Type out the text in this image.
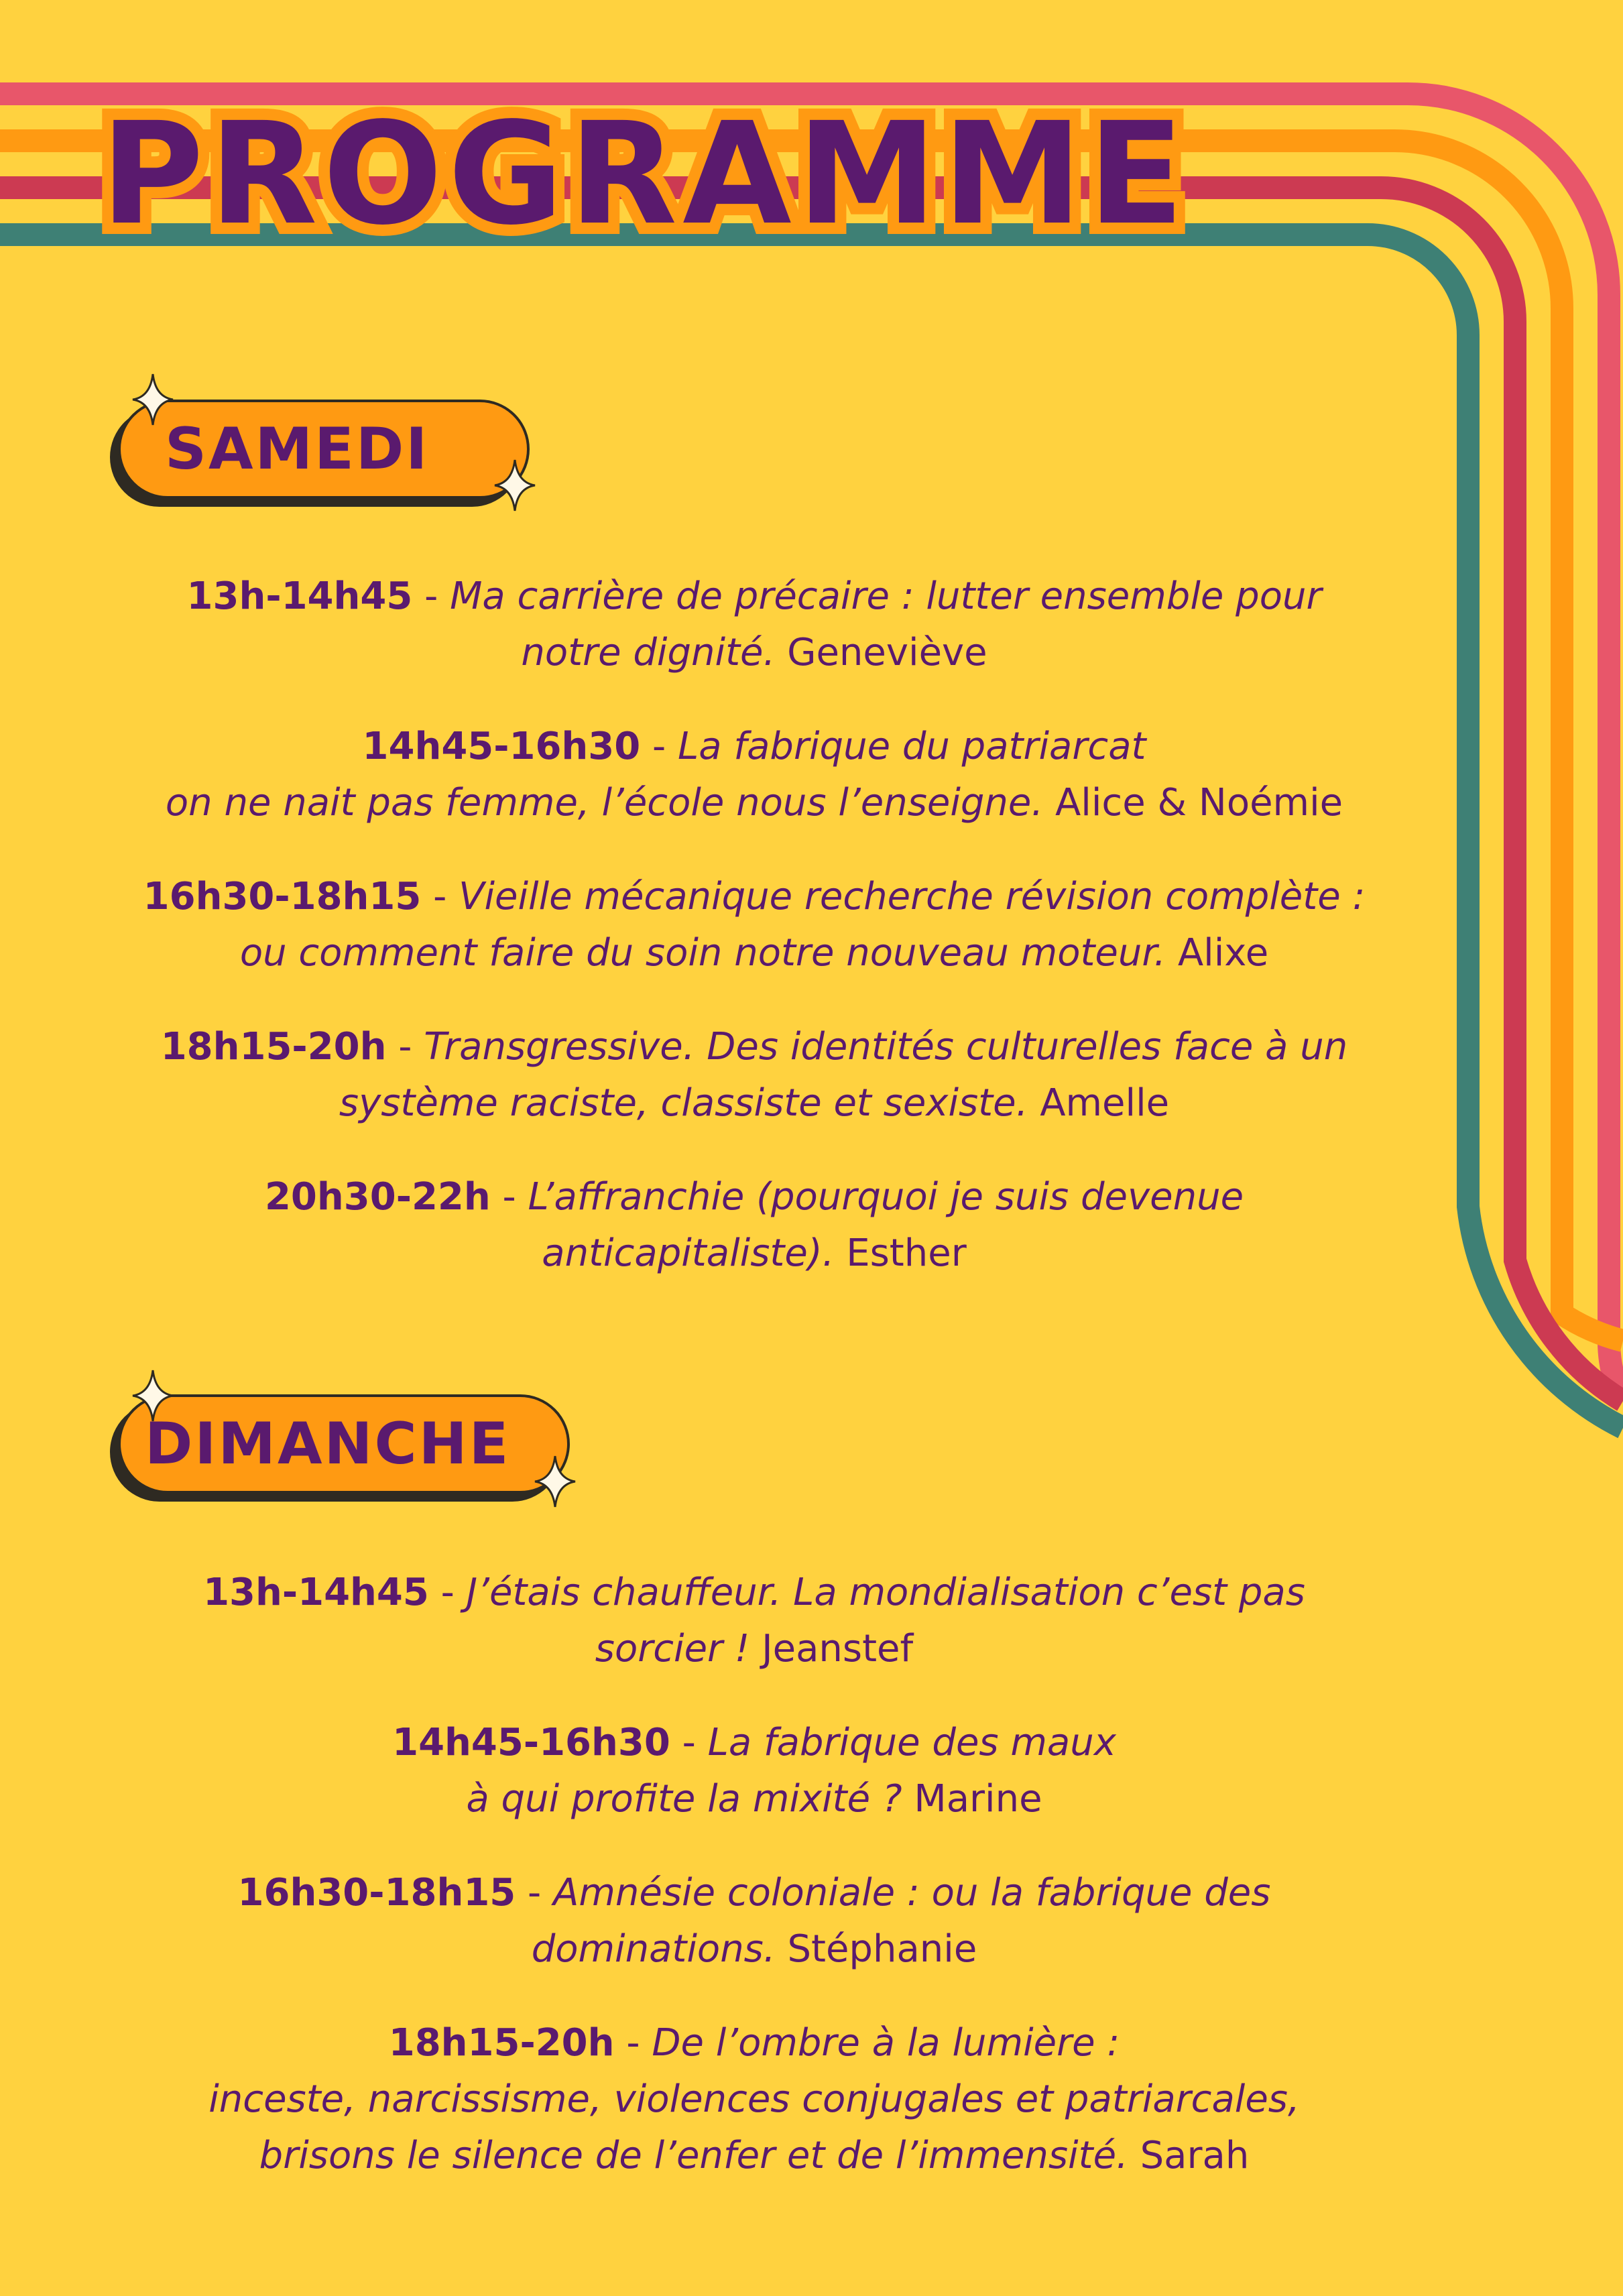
PROGRAMME
SAMEDI
13h-14h45 - Ma carrière de précaire : lutter ensemble pour
notre dignité. Geneviève
14h45-16h30 - La fabrique du patriarcat
on ne nait pas femme, l’école nous l’enseigne. Alice & Noémie
16h30-18h15 - Vieille mécanique recherche révision complète :
ou comment faire du soin notre nouveau moteur. Alixe
18h15-20h - Transgressive. Des identités culturelles face à un
système raciste, classiste et sexiste. Amelle
20h30-22h - L’affranchie (pourquoi je suis devenue
anticapitaliste). Esther
DIMANCHE
13h-14h45 - J’étais chauffeur. La mondialisation c’est pas
sorcier ! Jeanstef
14h45-16h30 - La fabrique des maux
à qui profite la mixité ? Marine
16h30-18h15 - Amnésie coloniale : ou la fabrique des
dominations. Stéphanie
18h15-20h - De l’ombre à la lumière :
inceste, narcissisme, violences conjugales et patriarcales,
brisons le silence de l’enfer et de l’immensité. Sarah
